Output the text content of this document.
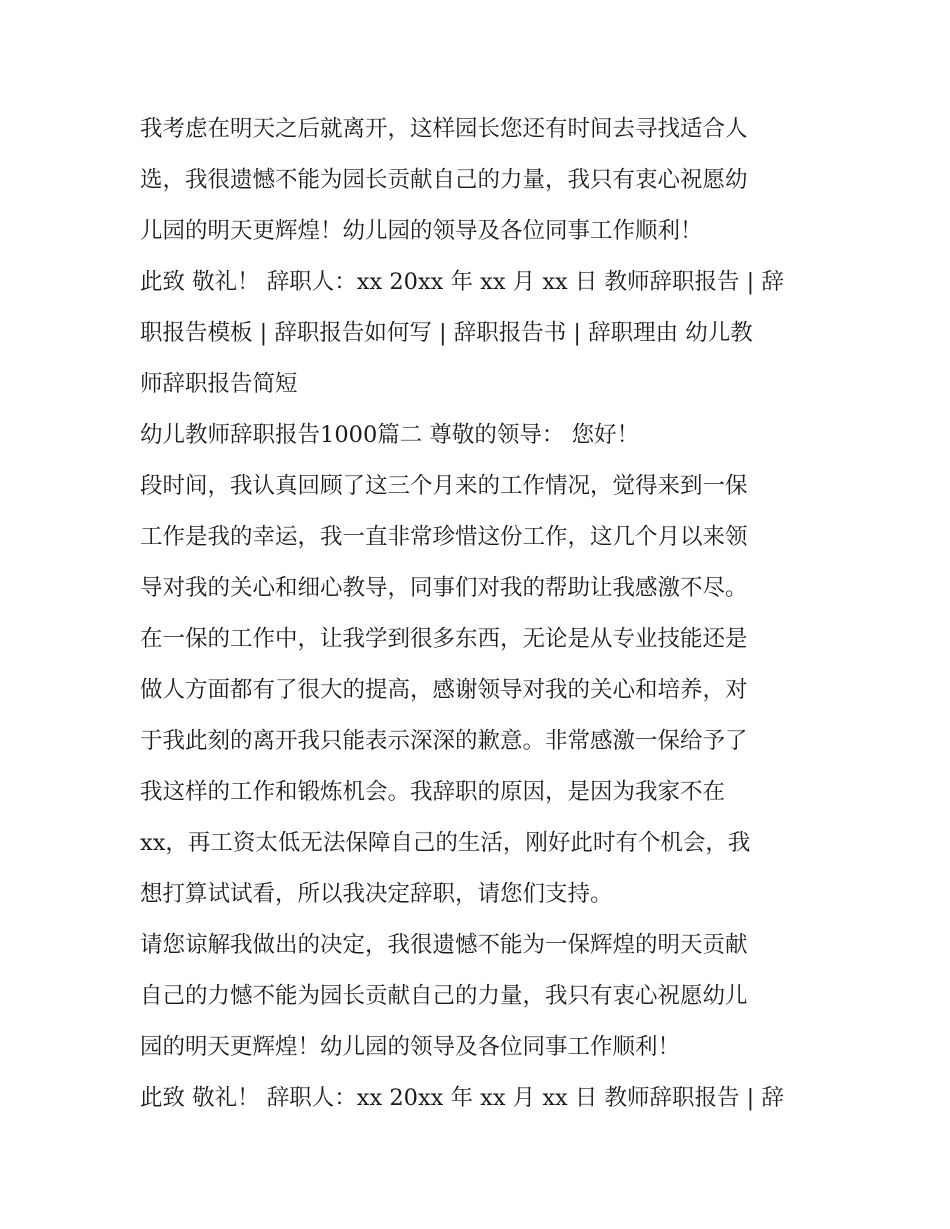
我考虑在明天之后就离开，这样园长您还有时间去寻找适合人
选，我很遗憾不能为园长贡献自己的力量，我只有衷心祝愿幼
儿园的明天更辉煌！幼儿园的领导及各位同事工作顺利！
此致 敬礼！ 辞职人：xx 20xx 年 xx 月 xx 日 教师辞职报告 | 辞
职报告模板 | 辞职报告如何写 | 辞职报告书 | 辞职理由 幼儿教
师辞职报告简短
幼儿教师辞职报告1000篇二 尊敬的领导： 您好！
段时间，我认真回顾了这三个月来的工作情况，觉得来到一保
工作是我的幸运，我一直非常珍惜这份工作，这几个月以来领
导对我的关心和细心教导，同事们对我的帮助让我感激不尽。
在一保的工作中，让我学到很多东西，无论是从专业技能还是
做人方面都有了很大的提高，感谢领导对我的关心和培养，对
于我此刻的离开我只能表示深深的歉意。非常感激一保给予了
我这样的工作和锻炼机会。我辞职的原因，是因为我家不在
xx，再工资太低无法保障自己的生活，刚好此时有个机会，我
想打算试试看，所以我决定辞职，请您们支持。
请您谅解我做出的决定，我很遗憾不能为一保辉煌的明天贡献
自己的力憾不能为园长贡献自己的力量，我只有衷心祝愿幼儿
园的明天更辉煌！幼儿园的领导及各位同事工作顺利！
此致 敬礼！ 辞职人：xx 20xx 年 xx 月 xx 日 教师辞职报告 | 辞
